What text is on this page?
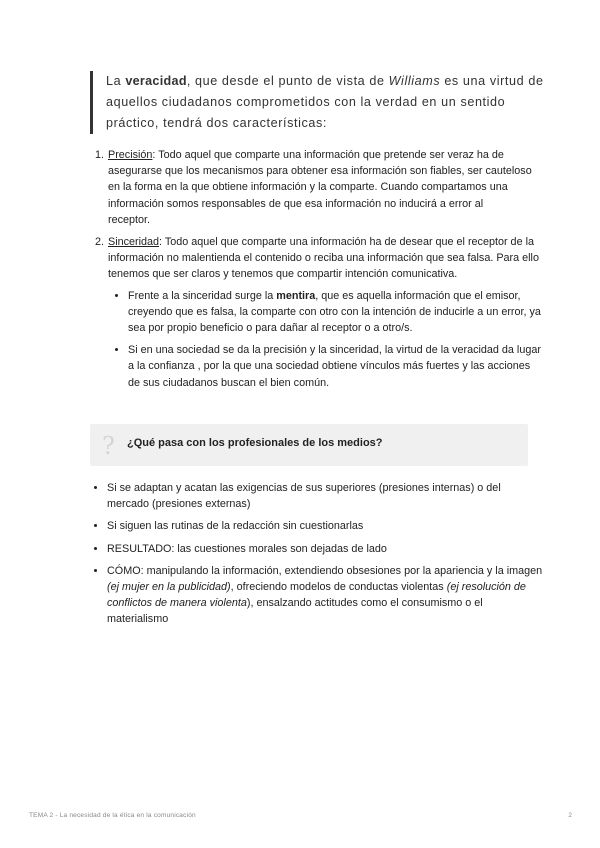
La veracidad, que desde el punto de vista de Williams es una virtud de aquellos ciudadanos comprometidos con la verdad en un sentido práctico, tendrá dos características:
1. Precisión: Todo aquel que comparte una información que pretende ser veraz ha de asegurarse que los mecanismos para obtener esa información son fiables, ser cauteloso en la forma en la que obtiene información y la comparte. Cuando compartamos una información somos responsables de que esa información no inducirá a error al
receptor.
2. Sinceridad: Todo aquel que comparte una información ha de desear que el receptor de la información no malentienda el contenido o reciba una información que sea falsa. Para ello tenemos que ser claros y tenemos que compartir intención comunicativa.
• Frente a la sinceridad surge la mentira, que es aquella información que el emisor, creyendo que es falsa, la comparte con otro con la intención de inducirle a un error, ya sea por propio beneficio o para dañar al receptor o a otro/s.
• Si en una sociedad se da la precisión y la sinceridad, la virtud de la veracidad da lugar a la confianza , por la que una sociedad obtiene vínculos más fuertes y las acciones de sus ciudadanos buscan el bien común.
? ¿Qué pasa con los profesionales de los medios?
• Si se adaptan y acatan las exigencias de sus superiores (presiones internas) o del mercado (presiones externas)
• Si siguen las rutinas de la redacción sin cuestionarlas
• RESULTADO: las cuestiones morales son dejadas de lado
• CÓMO: manipulando la información, extendiendo obsesiones por la apariencia y la imagen (ej mujer en la publicidad), ofreciendo modelos de conductas violentas (ej resolución de conflictos de manera violenta), ensalzando actitudes como el consumismo o el materialismo
TEMA 2 - La necesidad de la ética en la comunicación	2
